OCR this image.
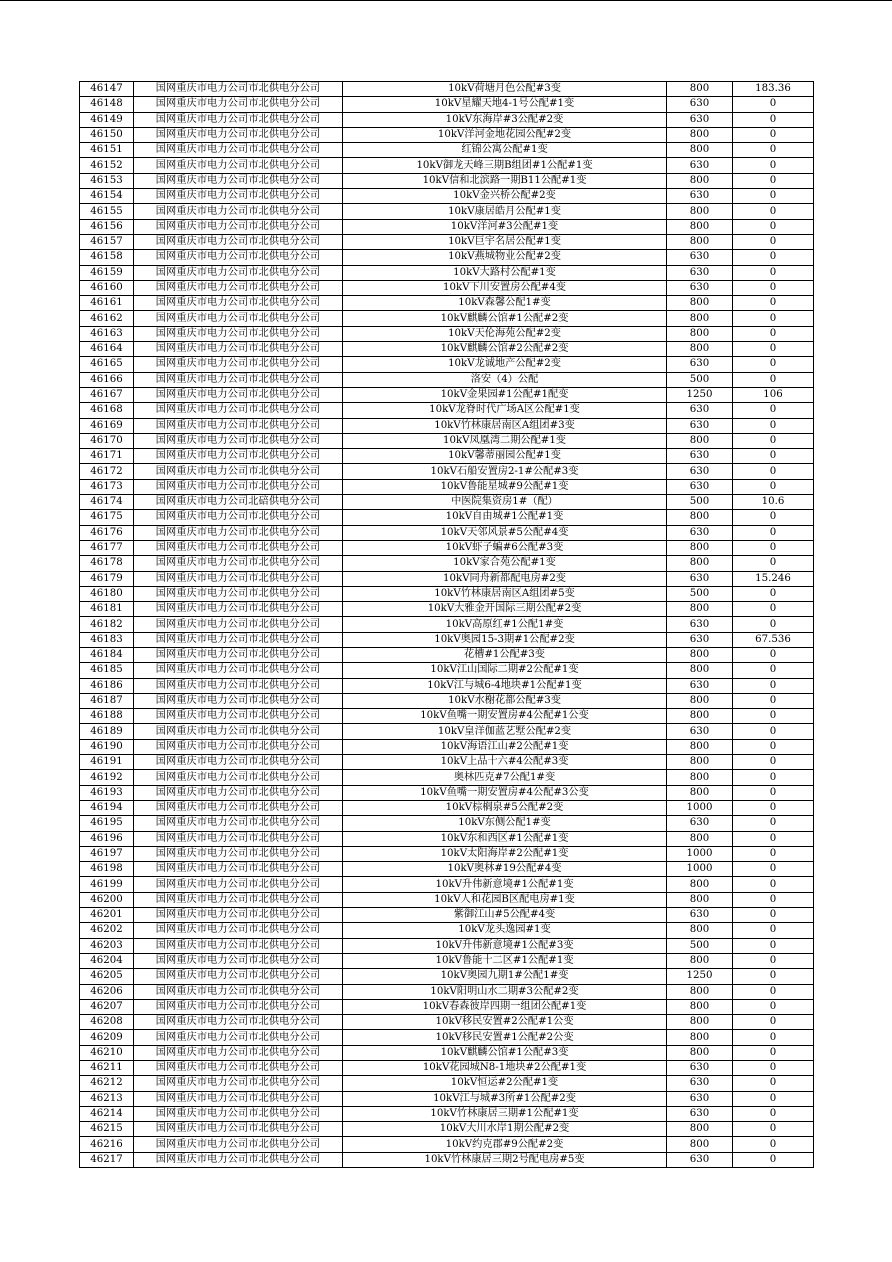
46147	国网重庆市电力公司市北供电分公司	10kV荷塘月色公配#3变	800	183.36
46148	国网重庆市电力公司市北供电分公司	10kV星耀天地4-1号公配#1变	630	0
46149	国网重庆市电力公司市北供电分公司	10kV东海岸#3公配#2变	630	0
46150	国网重庆市电力公司市北供电分公司	10kV洋河金地花园公配#2变	800	0
46151	国网重庆市电力公司市北供电分公司	红锦公寓公配#1变	800	0
46152	国网重庆市电力公司市北供电分公司	10kV御龙天峰三期B组团#1公配#1变	630	0
46153	国网重庆市电力公司市北供电分公司	10kV信和北滨路一期B11公配#1变	800	0
46154	国网重庆市电力公司市北供电分公司	10kV金兴桥公配#2变	630	0
46155	国网重庆市电力公司市北供电分公司	10kV康居皓月公配#1变	800	0
46156	国网重庆市电力公司市北供电分公司	10kV洋河#3公配#1变	800	0
46157	国网重庆市电力公司市北供电分公司	10kV巨宇名居公配#1变	800	0
46158	国网重庆市电力公司市北供电分公司	10kV燕城物业公配#2变	630	0
46159	国网重庆市电力公司市北供电分公司	10kV大路村公配#1变	630	0
46160	国网重庆市电力公司市北供电分公司	10kV下川安置房公配#4变	630	0
46161	国网重庆市电力公司市北供电分公司	10kV森馨公配1#变	800	0
46162	国网重庆市电力公司市北供电分公司	10kV麒麟公馆#1公配#2变	800	0
46163	国网重庆市电力公司市北供电分公司	10kV天伦海苑公配#2变	800	0
46164	国网重庆市电力公司市北供电分公司	10kV麒麟公馆#2公配#2变	800	0
46165	国网重庆市电力公司市北供电分公司	10kV龙诚地产公配#2变	630	0
46166	国网重庆市电力公司市北供电分公司	洛安（4）公配	500	0
46167	国网重庆市电力公司市北供电分公司	10kV金果园#1公配#1配变	1250	106
46168	国网重庆市电力公司市北供电分公司	10kV龙脊时代广场A区公配#1变	630	0
46169	国网重庆市电力公司市北供电分公司	10kV竹林康居南区A组团#3变	630	0
46170	国网重庆市电力公司市北供电分公司	10kV凤凰湾二期公配#1变	800	0
46171	国网重庆市电力公司市北供电分公司	10kV馨蒂丽园公配#1变	630	0
46172	国网重庆市电力公司市北供电分公司	10kV石船安置房2-1#公配#3变	630	0
46173	国网重庆市电力公司市北供电分公司	10kV鲁能星城#9公配#1变	630	0
46174	国网重庆市电力公司北碚供电分公司	中医院集资房1#（配）	500	10.6
46175	国网重庆市电力公司市北供电分公司	10kV自由城#1公配#1变	800	0
46176	国网重庆市电力公司市北供电分公司	10kV天邻风景#5公配#4变	630	0
46177	国网重庆市电力公司市北供电分公司	10kV虾子蝙#6公配#3变	800	0
46178	国网重庆市电力公司市北供电分公司	10kV家合苑公配#1变	800	0
46179	国网重庆市电力公司市北供电分公司	10kV同舟新都配电房#2变	630	15.246
46180	国网重庆市电力公司市北供电分公司	10kV竹林康居南区A组团#5变	500	0
46181	国网重庆市电力公司市北供电分公司	10kV大雅金开国际三期公配#2变	800	0
46182	国网重庆市电力公司市北供电分公司	10kV高原红#1公配1#变	630	0
46183	国网重庆市电力公司市北供电分公司	10kV奥园15-3期#1公配#2变	630	67.536
46184	国网重庆市电力公司市北供电分公司	花槽#1公配#3变	800	0
46185	国网重庆市电力公司市北供电分公司	10kV江山国际二期#2公配#1变	800	0
46186	国网重庆市电力公司市北供电分公司	10kV江与城6-4地块#1公配#1变	630	0
46187	国网重庆市电力公司市北供电分公司	10kV水榭花都公配#3变	800	0
46188	国网重庆市电力公司市北供电分公司	10kV鱼嘴一期安置房#4公配#1公变	800	0
46189	国网重庆市电力公司市北供电分公司	10kV皇洋伽蓝艺墅公配#2变	630	0
46190	国网重庆市电力公司市北供电分公司	10kV海语江山#2公配#1变	800	0
46191	国网重庆市电力公司市北供电分公司	10kV上品十六#4公配#3变	800	0
46192	国网重庆市电力公司市北供电分公司	奥林匹克#7公配1#变	800	0
46193	国网重庆市电力公司市北供电分公司	10kV鱼嘴一期安置房#4公配#3公变	800	0
46194	国网重庆市电力公司市北供电分公司	10kV棕榈泉#5公配#2变	1000	0
46195	国网重庆市电力公司市北供电分公司	10kV东侧公配1#变	630	0
46196	国网重庆市电力公司市北供电分公司	10kV东和西区#1公配#1变	800	0
46197	国网重庆市电力公司市北供电分公司	10kV太阳海岸#2公配#1变	1000	0
46198	国网重庆市电力公司市北供电分公司	10kV奥林#19公配#4变	1000	0
46199	国网重庆市电力公司市北供电分公司	10kV升伟新意境#1公配#1变	800	0
46200	国网重庆市电力公司市北供电分公司	10kV人和花园B区配电房#1变	800	0
46201	国网重庆市电力公司市北供电分公司	紫御江山#5公配#4变	630	0
46202	国网重庆市电力公司市北供电分公司	10kV龙头逸园#1变	800	0
46203	国网重庆市电力公司市北供电分公司	10kV升伟新意境#1公配#3变	500	0
46204	国网重庆市电力公司市北供电分公司	10kV鲁能十二区#1公配#1变	800	0
46205	国网重庆市电力公司市北供电分公司	10kV奥园九期1#公配1#变	1250	0
46206	国网重庆市电力公司市北供电分公司	10kV阳明山水二期#3公配#2变	800	0
46207	国网重庆市电力公司市北供电分公司	10kV春森彼岸四期一组团公配#1变	800	0
46208	国网重庆市电力公司市北供电分公司	10kV移民安置#2公配#1公变	800	0
46209	国网重庆市电力公司市北供电分公司	10kV移民安置#1公配#2公变	800	0
46210	国网重庆市电力公司市北供电分公司	10kV麒麟公馆#1公配#3变	800	0
46211	国网重庆市电力公司市北供电分公司	10kV花园城N8-1地块#2公配#1变	630	0
46212	国网重庆市电力公司市北供电分公司	10kV恒运#2公配#1变	630	0
46213	国网重庆市电力公司市北供电分公司	10kV江与城#3所#1公配#2变	630	0
46214	国网重庆市电力公司市北供电分公司	10kV竹林康居三期#1公配#1变	630	0
46215	国网重庆市电力公司市北供电分公司	10kV大川水岸1期公配#2变	800	0
46216	国网重庆市电力公司市北供电分公司	10kV约克郡#9公配#2变	800	0
46217	国网重庆市电力公司市北供电分公司	10kV竹林康居三期2号配电房#5变	630	0
